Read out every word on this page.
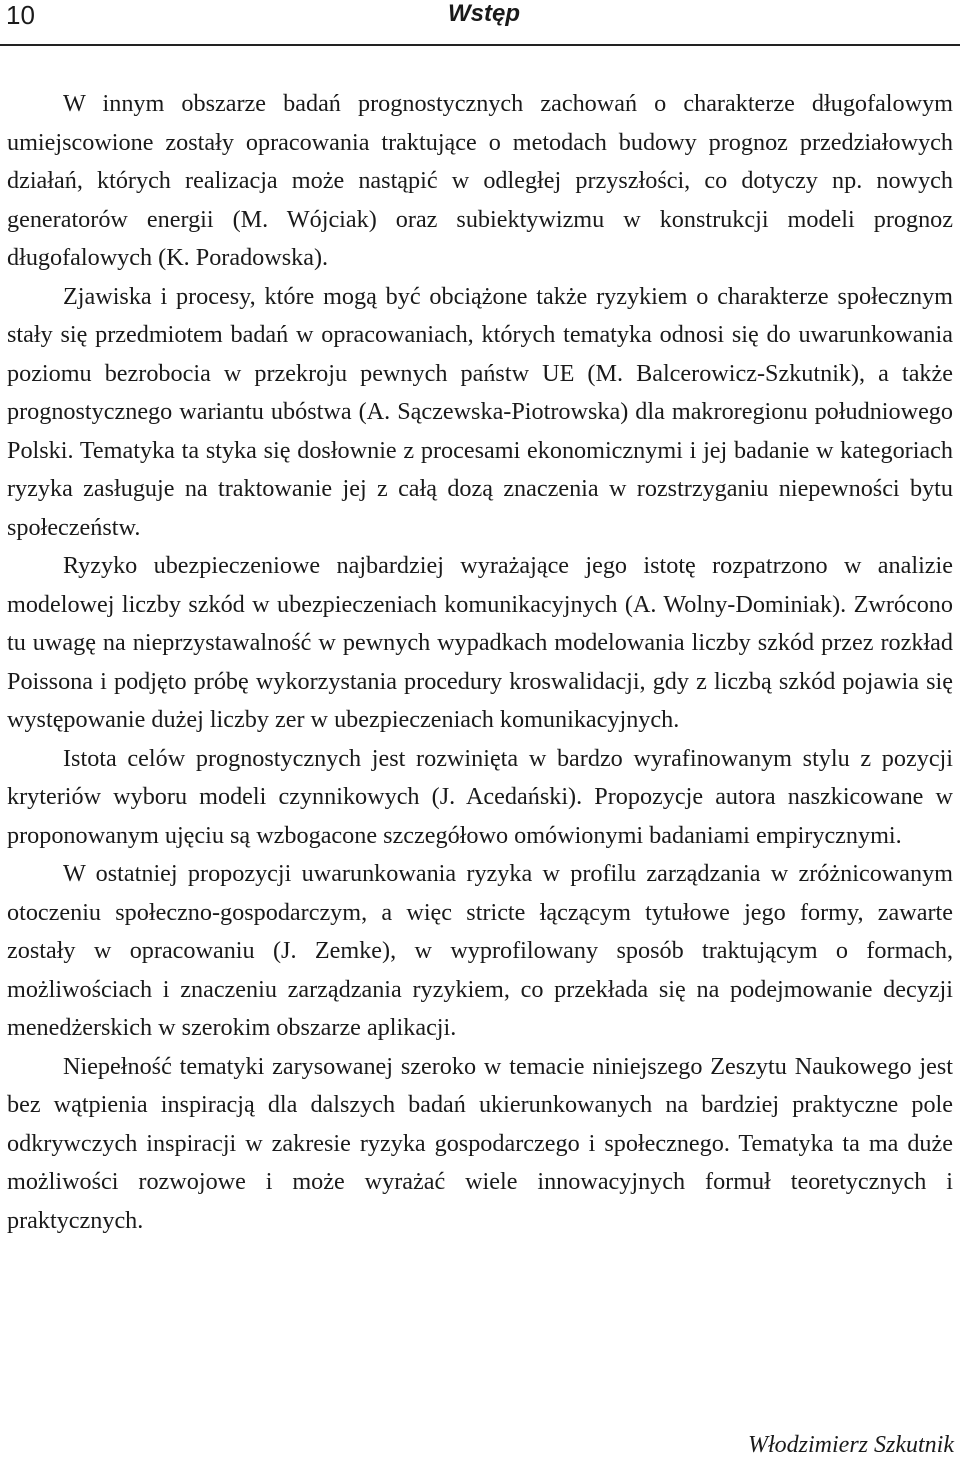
10	Wstęp

W innym obszarze badań prognostycznych zachowań o charakterze długofalowym umiejscowione zostały opracowania traktujące o metodach budowy prognoz przedziałowych działań, których realizacja może nastąpić w odległej przyszłości, co dotyczy np. nowych generatorów energii (M. Wójciak) oraz subiektywizmu w konstrukcji modeli prognoz długofalowych (K. Poradowska).

Zjawiska i procesy, które mogą być obciążone także ryzykiem o charakterze społecznym stały się przedmiotem badań w opracowaniach, których tematyka odnosi się do uwarunkowania poziomu bezrobocia w przekroju pewnych państw UE (M. Balcerowicz-Szkutnik), a także prognostycznego wariantu ubóstwa (A. Sączewska-Piotrowska) dla makroregionu południowego Polski. Tematyka ta styka się dosłownie z procesami ekonomicznymi i jej badanie w kategoriach ryzyka zasługuje na traktowanie jej z całą dozą znaczenia w rozstrzyganiu niepewności bytu społeczeństw.

Ryzyko ubezpieczeniowe najbardziej wyrażające jego istotę rozpatrzono w analizie modelowej liczby szkód w ubezpieczeniach komunikacyjnych (A. Wolny-Dominiak). Zwrócono tu uwagę na nieprzystawalność w pewnych wypadkach modelowania liczby szkód przez rozkład Poissona i podjęto próbę wykorzystania procedury kroswalidacji, gdy z liczbą szkód pojawia się występowanie dużej liczby zer w ubezpieczeniach komunikacyjnych.

Istota celów prognostycznych jest rozwinięta w bardzo wyrafinowanym stylu z pozycji kryteriów wyboru modeli czynnikowych (J. Acedański). Propozycje autora naszkicowane w proponowanym ujęciu są wzbogacone szczegółowo omówionymi badaniami empirycznymi.

W ostatniej propozycji uwarunkowania ryzyka w profilu zarządzania w zróżnicowanym otoczeniu społeczno-gospodarczym, a więc stricte łączącym tytułowe jego formy, zawarte zostały w opracowaniu (J. Zemke), w wyprofilowany sposób traktującym o formach, możliwościach i znaczeniu zarządzania ryzykiem, co przekłada się na podejmowanie decyzji menedżerskich w szerokim obszarze aplikacji.

Niepełność tematyki zarysowanej szeroko w temacie niniejszego Zeszytu Naukowego jest bez wątpienia inspiracją dla dalszych badań ukierunkowanych na bardziej praktyczne pole odkrywczych inspiracji w zakresie ryzyka gospodarczego i społecznego. Tematyka ta ma duże możliwości rozwojowe i może wyrażać wiele innowacyjnych formuł teoretycznych i praktycznych.

Włodzimierz Szkutnik
